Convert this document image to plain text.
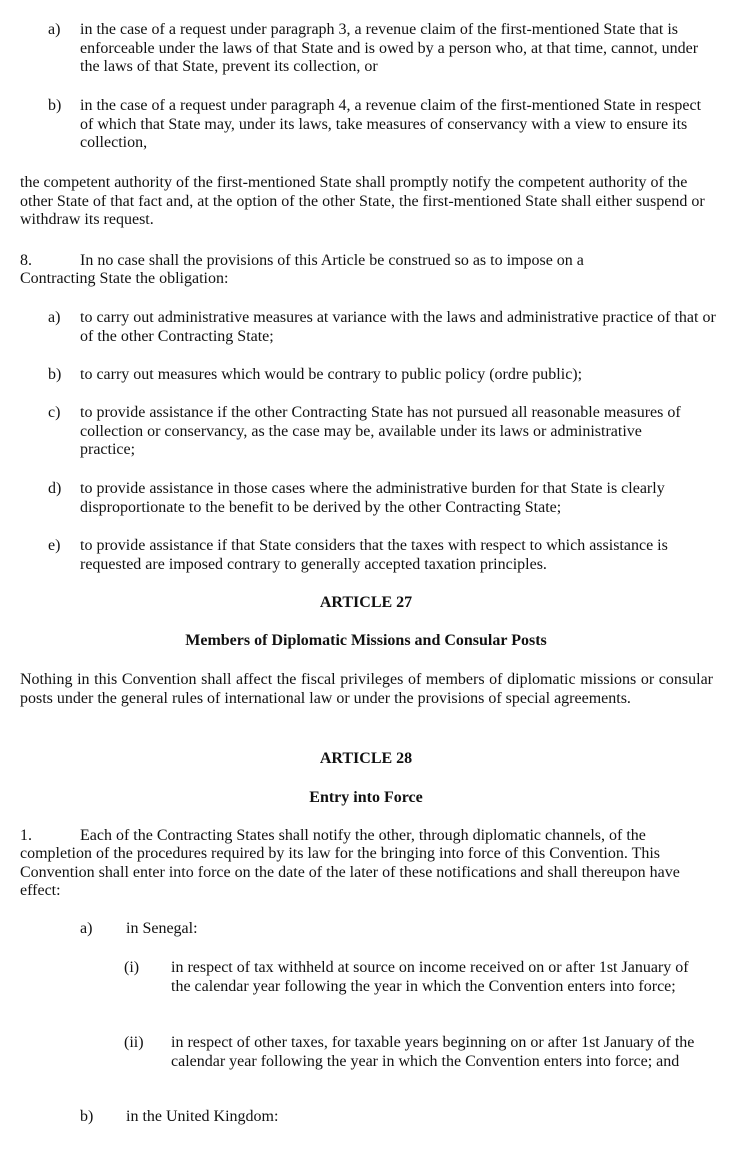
a) in the case of a request under paragraph 3, a revenue claim of the first-mentioned State that is enforceable under the laws of that State and is owed by a person who, at that time, cannot, under the laws of that State, prevent its collection, or
b) in the case of a request under paragraph 4, a revenue claim of the first-mentioned State in respect of which that State may, under its laws, take measures of conservancy with a view to ensure its collection,
the competent authority of the first-mentioned State shall promptly notify the competent authority of the other State of that fact and, at the option of the other State, the first-mentioned State shall either suspend or withdraw its request.
8.	In no case shall the provisions of this Article be construed so as to impose on a
Contracting State the obligation:
a) to carry out administrative measures at variance with the laws and administrative practice of that or of the other Contracting State;
b) to carry out measures which would be contrary to public policy (ordre public);
c) to provide assistance if the other Contracting State has not pursued all reasonable measures of collection or conservancy, as the case may be, available under its laws or administrative practice;
d) to provide assistance in those cases where the administrative burden for that State is clearly disproportionate to the benefit to be derived by the other Contracting State;
e) to provide assistance if that State considers that the taxes with respect to which assistance is requested are imposed contrary to generally accepted taxation principles.
ARTICLE 27
Members of Diplomatic Missions and Consular Posts
Nothing in this Convention shall affect the fiscal privileges of members of diplomatic missions or consular posts under the general rules of international law or under the provisions of special agreements.
ARTICLE 28
Entry into Force
1.	Each of the Contracting States shall notify the other, through diplomatic channels, of the
completion of the procedures required by its law for the bringing into force of this Convention. This Convention shall enter into force on the date of the later of these notifications and shall thereupon have effect:
a) in Senegal:
(i) in respect of tax withheld at source on income received on or after 1st January of the calendar year following the year in which the Convention enters into force;
(ii) in respect of other taxes, for taxable years beginning on or after 1st January of the calendar year following the year in which the Convention enters into force; and
b) in the United Kingdom:
